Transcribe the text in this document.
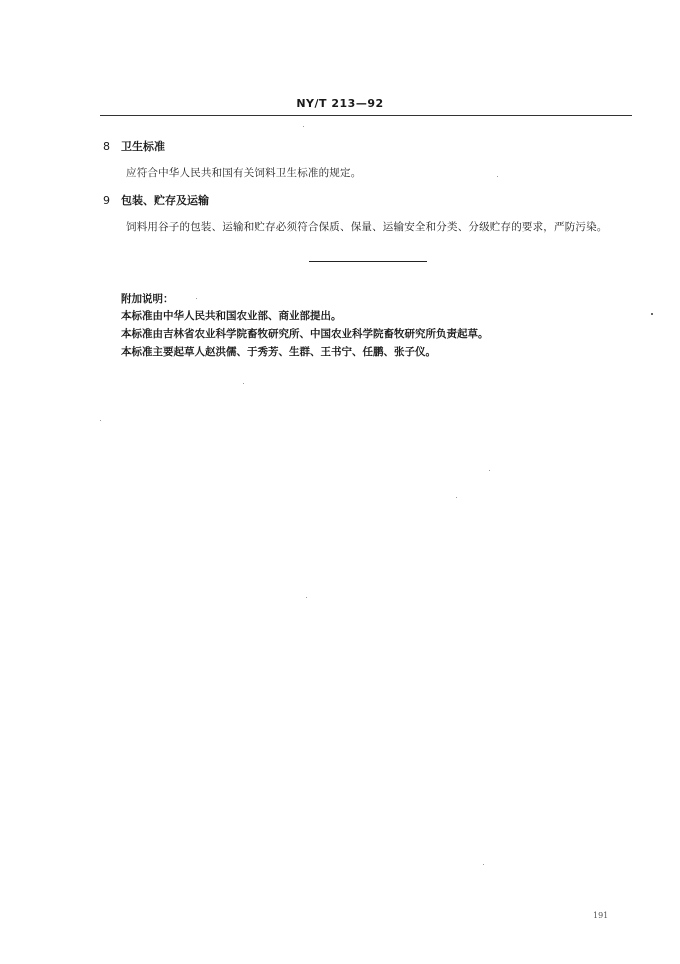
NY/T 213—92
8 卫生标准
应符合中华人民共和国有关饲料卫生标准的规定。
9 包装、贮存及运输
饲料用谷子的包装、运输和贮存必须符合保质、保量、运输安全和分类、分级贮存的要求，严防污染。
附加说明：
本标准由中华人民共和国农业部、商业部提出。
本标准由吉林省农业科学院畜牧研究所、中国农业科学院畜牧研究所负责起草。
本标准主要起草人赵洪儒、于秀芳、生群、王书宁、任鹏、张子仪。
191
